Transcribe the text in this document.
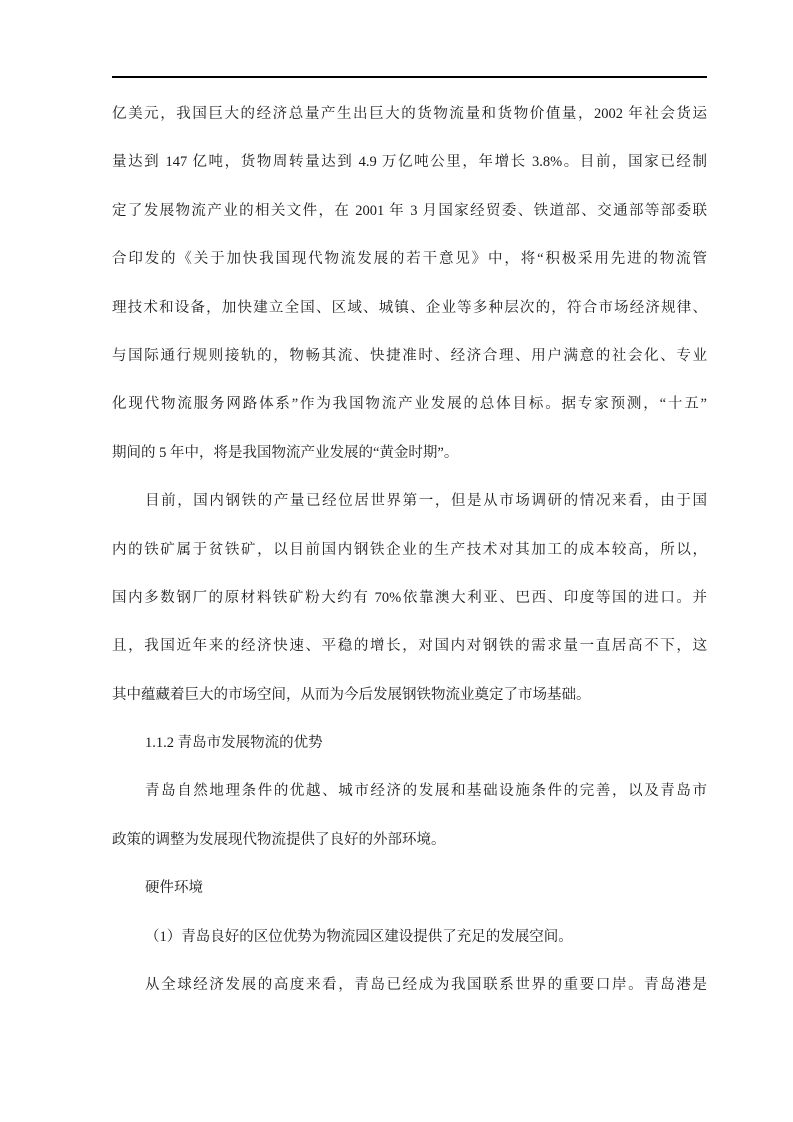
亿美元，我国巨大的经济总量产生出巨大的货物流量和货物价值量，2002 年社会货运
量达到 147 亿吨，货物周转量达到 4.9 万亿吨公里，年增长 3.8%。目前，国家已经制
定了发展物流产业的相关文件，在 2001 年 3 月国家经贸委、铁道部、交通部等部委联
合印发的《关于加快我国现代物流发展的若干意见》中，将“积极采用先进的物流管
理技术和设备，加快建立全国、区域、城镇、企业等多种层次的，符合市场经济规律、
与国际通行规则接轨的，物畅其流、快捷准时、经济合理、用户满意的社会化、专业
化现代物流服务网路体系”作为我国物流产业发展的总体目标。据专家预测，“十五”
期间的 5 年中，将是我国物流产业发展的“黄金时期”。
目前，国内钢铁的产量已经位居世界第一，但是从市场调研的情况来看，由于国
内的铁矿属于贫铁矿，以目前国内钢铁企业的生产技术对其加工的成本较高，所以，
国内多数钢厂的原材料铁矿粉大约有 70%依靠澳大利亚、巴西、印度等国的进口。并
且，我国近年来的经济快速、平稳的增长，对国内对钢铁的需求量一直居高不下，这
其中蕴藏着巨大的市场空间，从而为今后发展钢铁物流业奠定了市场基础。
1.1.2 青岛市发展物流的优势
青岛自然地理条件的优越、城市经济的发展和基础设施条件的完善，以及青岛市
政策的调整为发展现代物流提供了良好的外部环境。
硬件环境
（1）青岛良好的区位优势为物流园区建设提供了充足的发展空间。
从全球经济发展的高度来看，青岛已经成为我国联系世界的重要口岸。青岛港是
